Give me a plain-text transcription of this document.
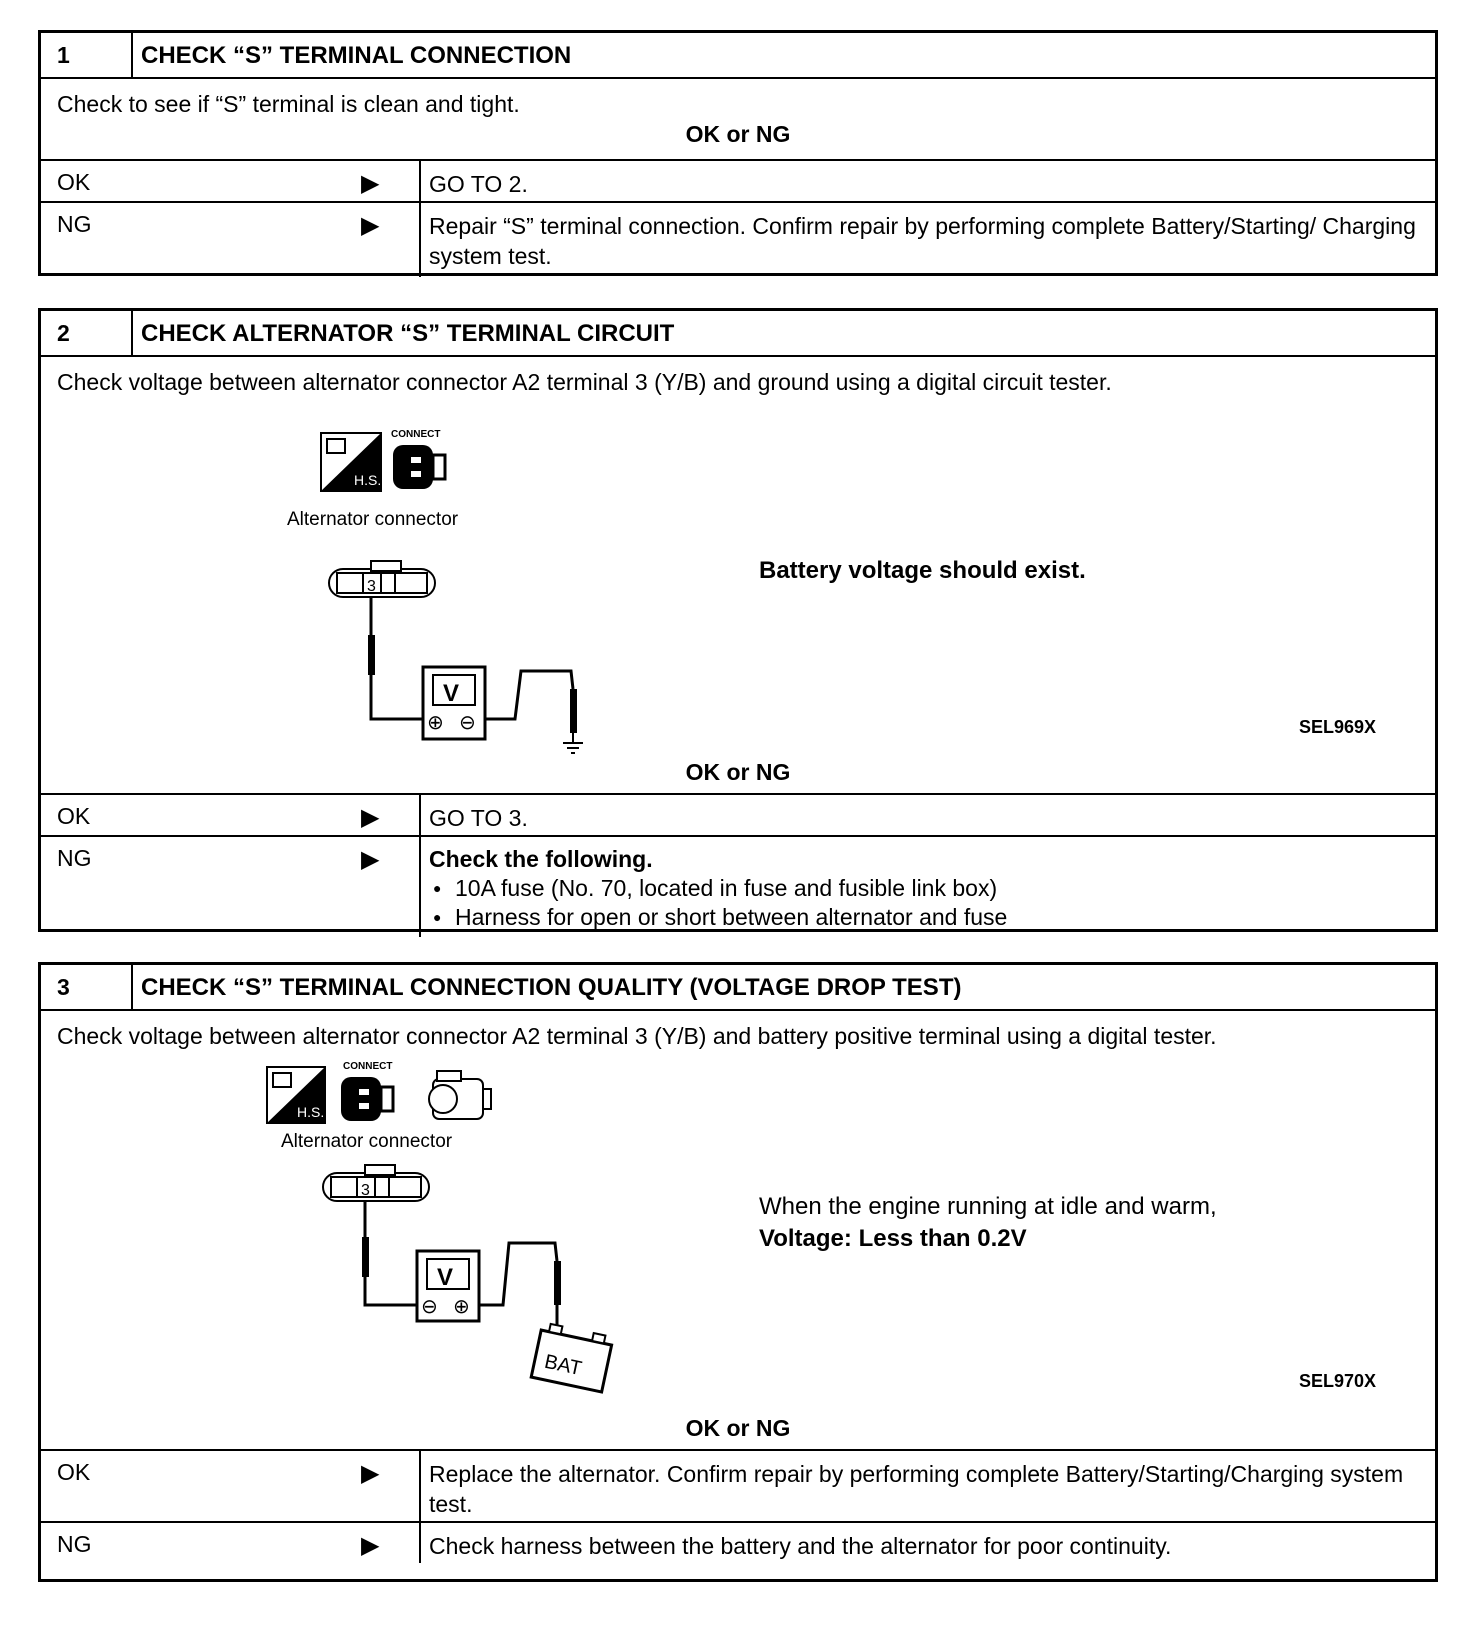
1	CHECK “S” TERMINAL CONNECTION
Check to see if “S” terminal is clean and tight.
OK or NG
OK	▶	GO TO 2.
NG	▶	Repair “S” terminal connection. Confirm repair by performing complete Battery/Starting/ Charging system test.
2	CHECK ALTERNATOR “S” TERMINAL CIRCUIT
Check voltage between alternator connector A2 terminal 3 (Y/B) and ground using a digital circuit tester.
H.S.
CONNECT
Alternator connector
3
V
⊕ ⊖
Battery voltage should exist.
SEL969X
OK or NG
OK	▶	GO TO 3.
NG	▶ Check the following.
● 10A fuse (No. 70, located in fuse and fusible link box)
● Harness for open or short between alternator and fuse
3	CHECK “S” TERMINAL CONNECTION QUALITY (VOLTAGE DROP TEST)
Check voltage between alternator connector A2 terminal 3 (Y/B) and battery positive terminal using a digital tester.
H.S.
CONNECT
Alternator connector
3
V
⊖ ⊕
BAT
When the engine running at idle and warm,
Voltage: Less than 0.2V
SEL970X
OK or NG
OK	▶	Replace the alternator. Confirm repair by performing complete Battery/Starting/Charging system test.
NG	▶	Check harness between the battery and the alternator for poor continuity.
